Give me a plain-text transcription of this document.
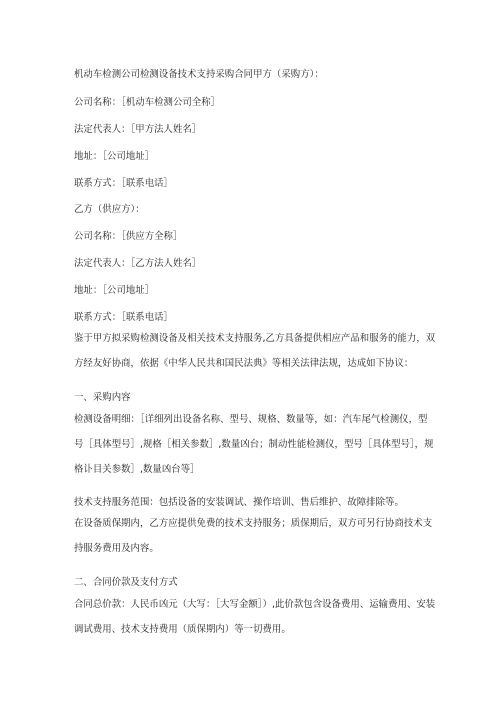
机动车检测公司检测设备技术支持采购合同甲方（采购方）：

公司名称：［机动车检测公司全称］

法定代表人：［甲方法人姓名］

地址：［公司地址］

联系方式：［联系电话］

乙方（供应方）：

公司名称：［供应方全称］

法定代表人：［乙方法人姓名］

地址：［公司地址］

联系方式：［联系电话］

鉴于甲方拟采购检测设备及相关技术支持服务,乙方具备提供相应产品和服务的能力，双方经友好协商，依据《中华人民共和国民法典》等相关法律法规，达成如下协议：

一、采购内容

检测设备明细：［详细列出设备名称、型号、规格、数量等，如：汽车尾气检测仪，型号［具体型号］,规格［相关参数］,数量凶台；制动性能检测仪，型号［具体型号］，规格讣目关参数］,数量凶台等］

技术支持服务范围：包括设备的安装调试、操作培训、售后维护、故障排除等。

在设备质保期内，乙方应提供免费的技术支持服务；质保期后，双方可另行协商技术支持服务费用及内容。

二、合同价款及支付方式

合同总价款：人民币凶元（大写：［大写金额］）,此价款包含设备费用、运输费用、安装调试费用、技术支持费用（质保期内）等一切费用。
